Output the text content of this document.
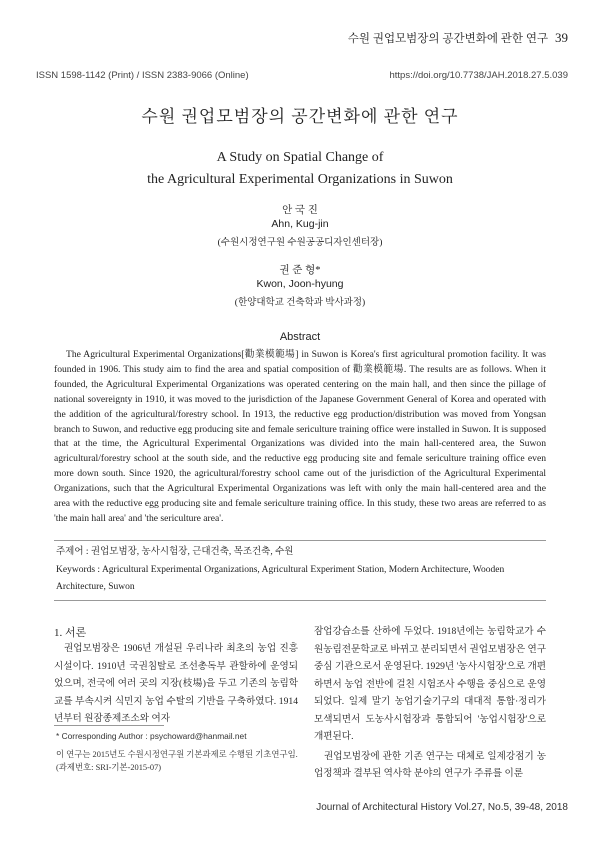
수원 권업모범장의 공간변화에 관한 연구 39
ISSN 1598-1142 (Print) / ISSN 2383-9066 (Online)	https://doi.org/10.7738/JAH.2018.27.5.039
수원 권업모범장의 공간변화에 관한 연구
A Study on Spatial Change of
the Agricultural Experimental Organizations in Suwon
안 국 진
Ahn, Kug-jin
(수원시정연구원 수원공공디자인센터장)
권 준 형*
Kwon, Joon-hyung
(한양대학교 건축학과 박사과정)
Abstract

The Agricultural Experimental Organizations[勸業模範場] in Suwon is Korea's first agricultural promotion facility. It was founded in 1906. This study aim to find the area and spatial composition of 勸業模範場. The results are as follows. When it founded, the Agricultural Experimental Organizations was operated centering on the main hall, and then since the pillage of national sovereignty in 1910, it was moved to the jurisdiction of the Japanese Government General of Korea and operated with the addition of the agricultural/forestry school. In 1913, the reductive egg production/distribution was moved from Yongsan branch to Suwon, and reductive egg producing site and female sericulture training office were installed in Suwon. It is supposed that at the time, the Agricultural Experimental Organizations was divided into the main hall-centered area, the Suwon agricultural/forestry school at the south side, and the reductive egg producing site and female sericulture training office even more down south. Since 1920, the agricultural/forestry school came out of the jurisdiction of the Agricultural Experimental Organizations, such that the Agricultural Experimental Organizations was left with only the main hall-centered area and the area with the reductive egg producing site and female sericulture training office. In this study, these two areas are referred to as 'the main hall area' and 'the sericulture area'.

주제어 : 권업모범장, 농사시험장, 근대건축, 목조건축, 수원
Keywords : Agricultural Experimental Organizations, Agricultural Experiment Station, Modern Architecture, Wooden Architecture, Suwon
1. 서론

권업모범장은 1906년 개설된 우리나라 최초의 농업 진흥 시설이다. 1910년 국권침탈로 조선총독부 관할하에 운영되었으며, 전국에 여러 곳의 지장(枝場)을 두고 기존의 농림학교를 부속시켜 식민지 농업 수탈의 기반을 구축하였다. 1914년부터 원잠종제조소와 여자

잠업강습소를 산하에 두었다. 1918년에는 농림학교가 수원농림전문학교로 바뀌고 분리되면서 권업모범장은 연구 중심 기관으로서 운영된다. 1929년 '농사시험장'으로 개편하면서 농업 전반에 걸친 시험조사 수행을 중심으로 운영되었다. 일제 말기 농업기술기구의 대대적 통합·정리가 모색되면서 도농사시험장과 통합되어 '농업시험장'으로 개편된다.

권업모범장에 관한 기존 연구는 대체로 일제강점기 농업정책과 결부된 역사학 분야의 연구가 주류를 이룬

* Corresponding Author : psychoward@hanmail.net
이 연구는 2015년도 수원시정연구원 기본과제로 수행된 기초연구임. (과제번호: SRI-기본-2015-07)
Journal of Architectural History Vol.27, No.5, 39-48, 2018
